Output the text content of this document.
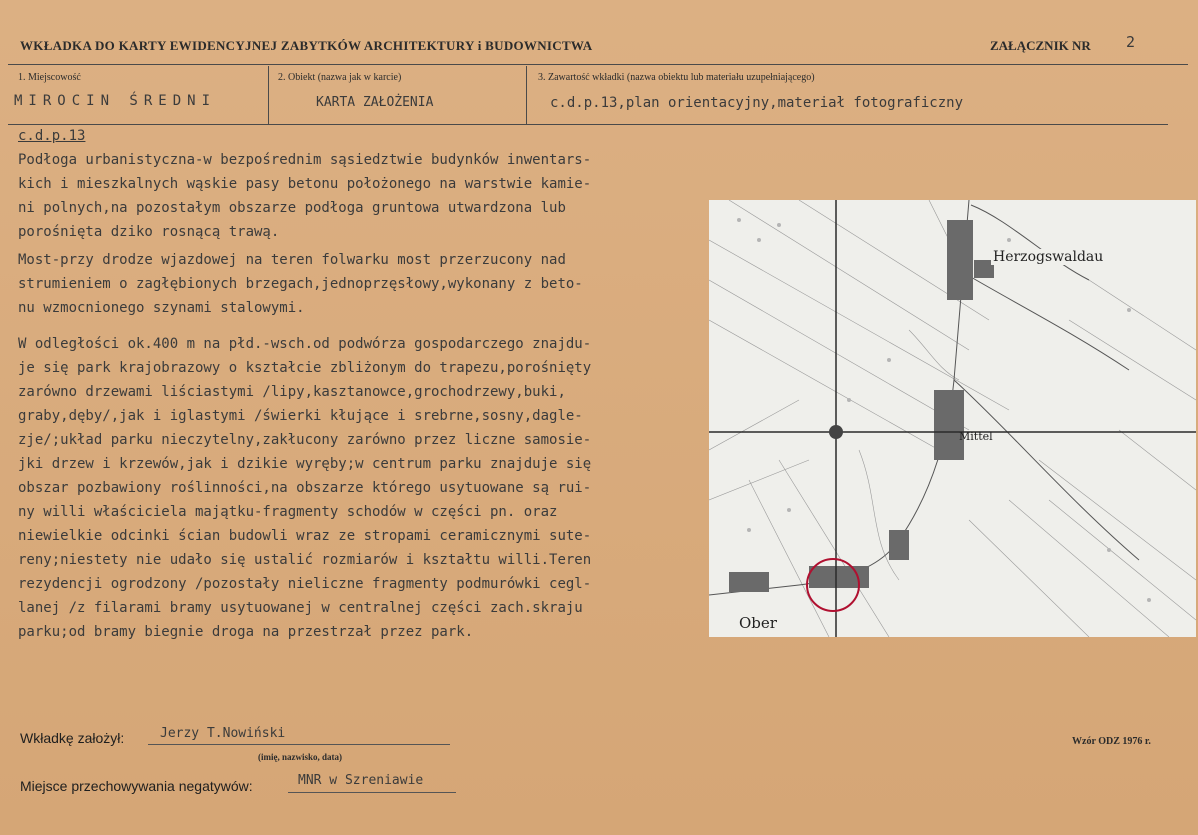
WKŁADKA DO KARTY EWIDENCYJNEJ ZABYTKÓW ARCHITEKTURY i BUDOWNICTWA	ZAŁĄCZNIK NR 2
1. Miejscowość
MIROCIN ŚREDNI
2. Obiekt (nazwa jak w karcie)
KARTA ZAŁOŻENIA
3. Zawartość wkładki (nazwa obiektu lub materiału uzupełniającego)
c.d.p.13,plan orientacyjny,materiał fotograficzny
c.d.p.13
Podłoga urbanistyczna-w bezpośrednim sąsiedztwie budynków inwentars-
kich i mieszkalnych wąskie pasy betonu położonego na warstwie kamie-
ni polnych,na pozostałym obszarze podłoga gruntowa utwardzona lub
porośnięta dziko rosnącą trawą.
Most-przy drodze wjazdowej na teren folwarku most przerzucony nad
strumieniem o zagłębionych brzegach,jednoprzęsłowy,wykonany z beto-
nu wzmocnionego szynami stalowymi.
W odległości ok.400 m na płd.-wsch.od podwórza gospodarczego znajdu-
je się park krajobrazowy o kształcie zbliżonym do trapezu,porośnięty
zarówno drzewami liściastymi /lipy,kasztanowce,grochodrzewy,buki,
graby,dęby/,jak i iglastymi /świerki kłujące i srebrne,sosny,dagle-
zje/;układ parku nieczytelny,zakłucony zarówno przez liczne samosie-
jki drzew i krzewów,jak i dzikie wyręby;w centrum parku znajduje się
obszar pozbawiony roślinności,na obszarze którego usytuowane są rui-
ny willi właściciela majątku-fragmenty schodów w części pn. oraz
niewielkie odcinki ścian budowli wraz ze stropami ceramicznymi sute-
reny;niestety nie udało się ustalić rozmiarów i kształtu willi.Teren
rezydencji ogrodzony /pozostały nieliczne fragmenty podmurówki cegl-
lanej /z filarami bramy usytuowanej w centralnej części zach.skraju
parku;od bramy biegnie droga na przestrzał przez park.
Herzogswaldau
Mittel
Ober
Wkładkę założył:	Jerzy T.Nowiński
(imię, nazwisko, data)
Wzór ODZ 1976 r.
Miejsce przechowywania negatywów:	MNR w Szreniawie
